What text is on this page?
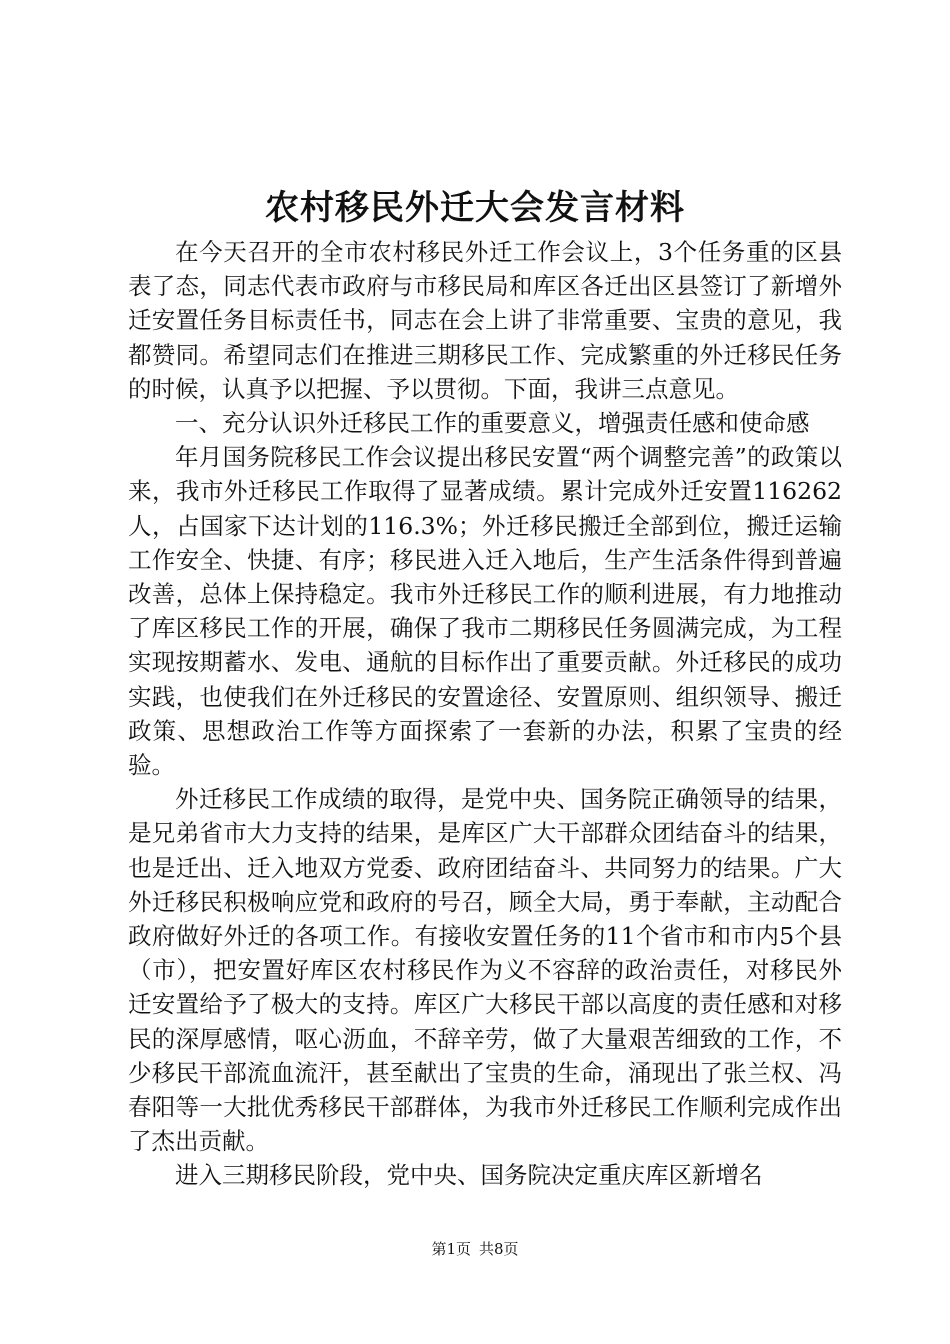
农村移民外迁大会发言材料

在今天召开的全市农村移民外迁工作会议上，3个任务重的区县表了态，同志代表市政府与市移民局和库区各迁出区县签订了新增外迁安置任务目标责任书，同志在会上讲了非常重要、宝贵的意见，我都赞同。希望同志们在推进三期移民工作、完成繁重的外迁移民任务的时候，认真予以把握、予以贯彻。下面，我讲三点意见。

一、充分认识外迁移民工作的重要意义，增强责任感和使命感

年月国务院移民工作会议提出移民安置“两个调整完善”的政策以来，我市外迁移民工作取得了显著成绩。累计完成外迁安置116262人，占国家下达计划的116.3%；外迁移民搬迁全部到位，搬迁运输工作安全、快捷、有序；移民进入迁入地后，生产生活条件得到普遍改善，总体上保持稳定。我市外迁移民工作的顺利进展，有力地推动了库区移民工作的开展，确保了我市二期移民任务圆满完成，为工程实现按期蓄水、发电、通航的目标作出了重要贡献。外迁移民的成功实践，也使我们在外迁移民的安置途径、安置原则、组织领导、搬迁政策、思想政治工作等方面探索了一套新的办法，积累了宝贵的经验。

外迁移民工作成绩的取得，是党中央、国务院正确领导的结果，是兄弟省市大力支持的结果，是库区广大干部群众团结奋斗的结果，也是迁出、迁入地双方党委、政府团结奋斗、共同努力的结果。广大外迁移民积极响应党和政府的号召，顾全大局，勇于奉献，主动配合政府做好外迁的各项工作。有接收安置任务的11个省市和市内5个县（市），把安置好库区农村移民作为义不容辞的政治责任，对移民外迁安置给予了极大的支持。库区广大移民干部以高度的责任感和对移民的深厚感情，呕心沥血，不辞辛劳，做了大量艰苦细致的工作，不少移民干部流血流汗，甚至献出了宝贵的生命，涌现出了张兰权、冯春阳等一大批优秀移民干部群体，为我市外迁移民工作顺利完成作出了杰出贡献。

进入三期移民阶段，党中央、国务院决定重庆库区新增名

第1页 共8页
